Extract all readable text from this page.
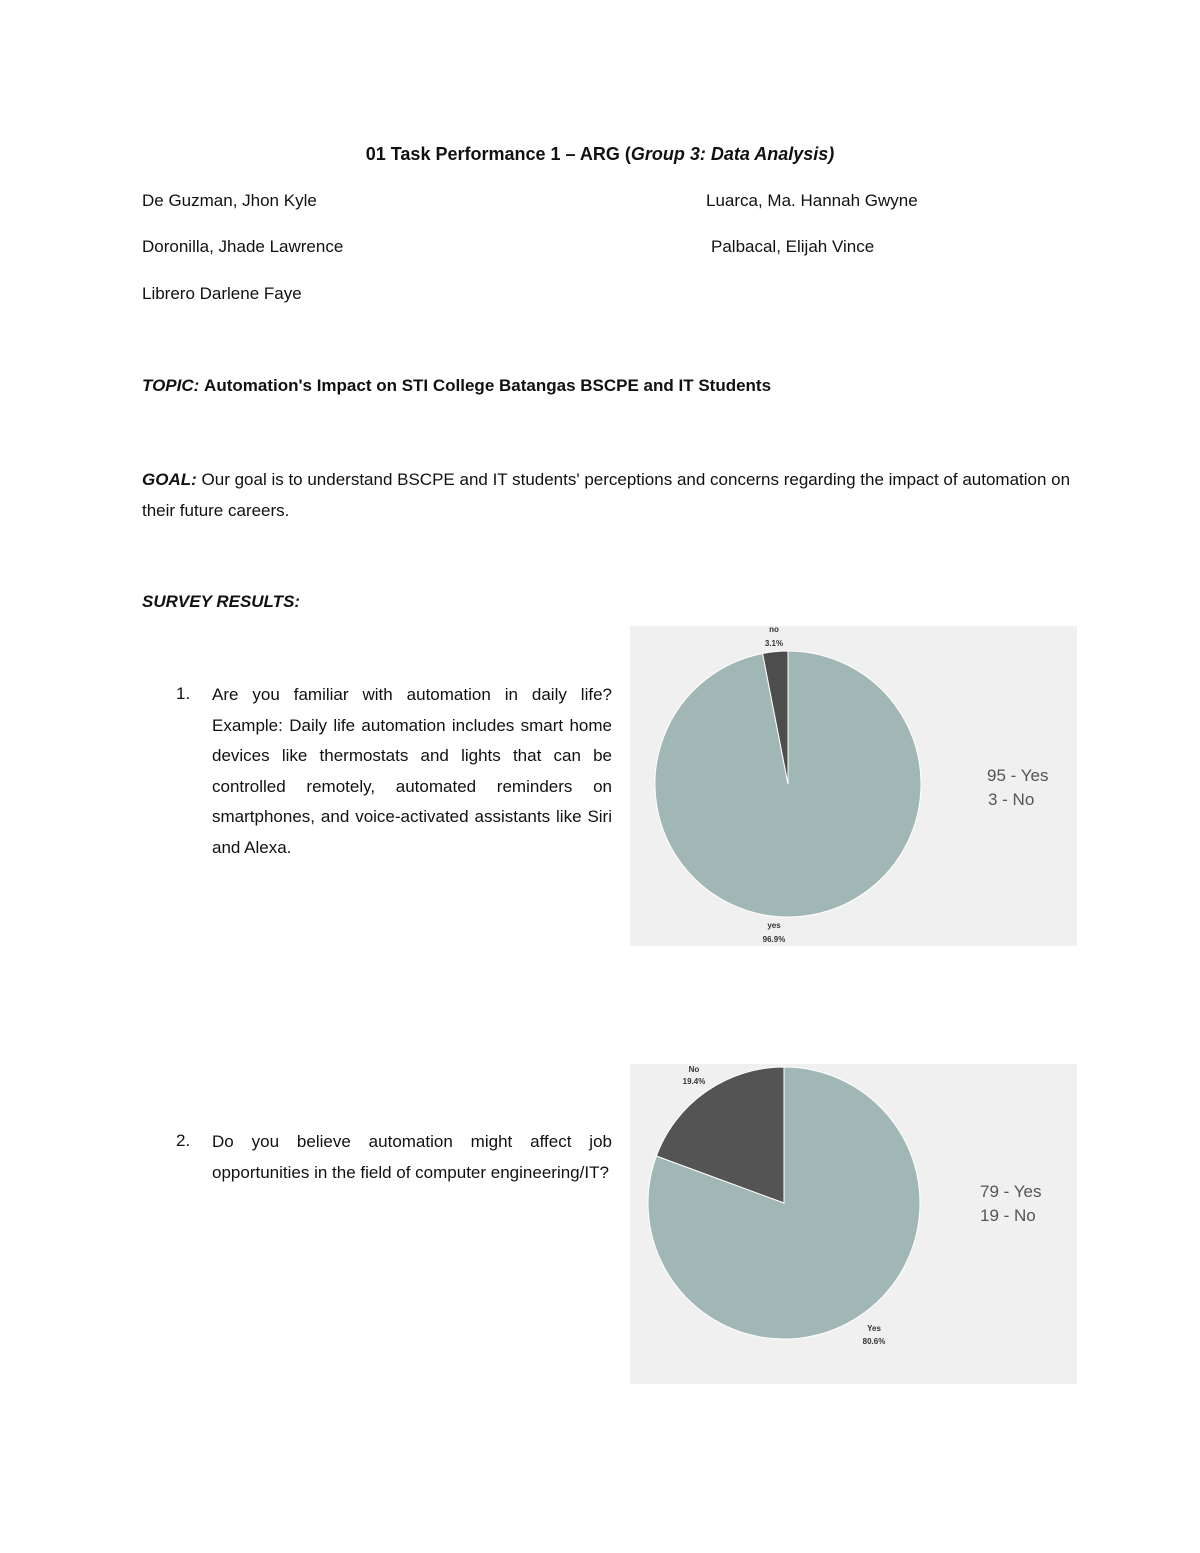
01 Task Performance 1 – ARG (Group 3: Data Analysis)
De Guzman, Jhon Kyle
Doronilla, Jhade Lawrence
Librero Darlene Faye
Luarca, Ma. Hannah Gwyne
Palbacal, Elijah Vince
TOPIC: Automation's Impact on STI College Batangas BSCPE and IT Students
GOAL: Our goal is to understand BSCPE and IT students' perceptions and concerns regarding the impact of automation on their future careers.
SURVEY RESULTS:
1. Are you familiar with automation in daily life? Example: Daily life automation includes smart home devices like thermostats and lights that can be controlled remotely, automated reminders on smartphones, and voice-activated assistants like Siri and Alexa.
no
3.1%
yes
96.9%
95 - Yes
3 - No
2. Do you believe automation might affect job opportunities in the field of computer engineering/IT?
No
19.4%
Yes
80.6%
79 - Yes
19 - No
